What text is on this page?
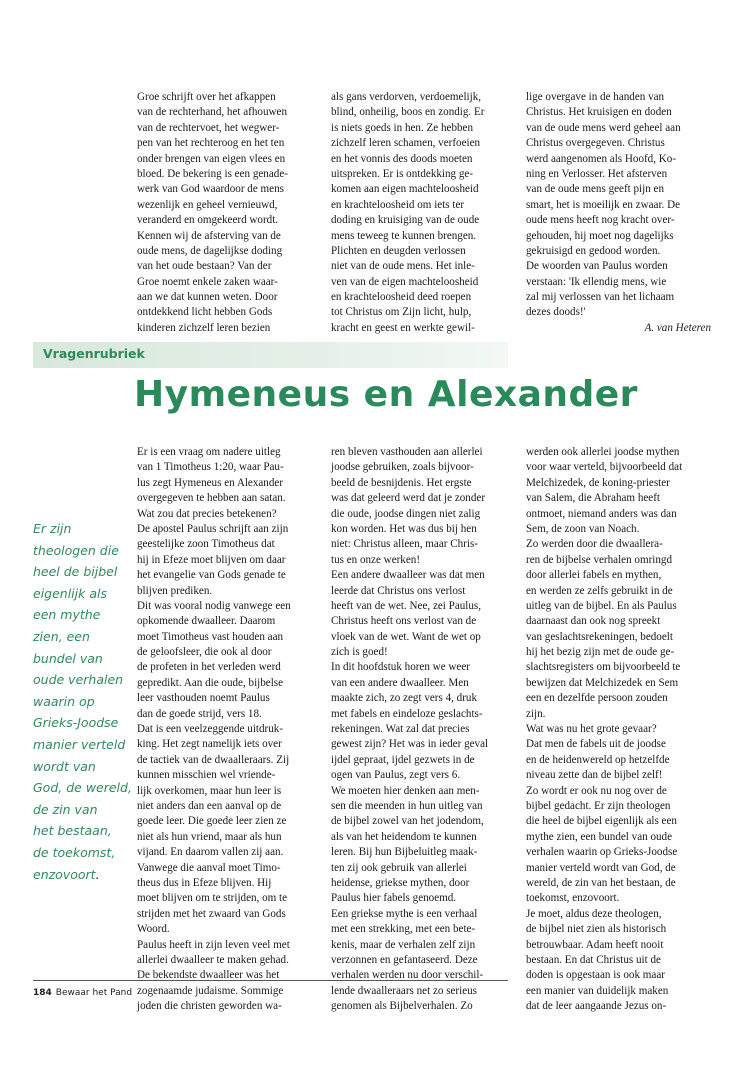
Groe schrijft over het afkappen
van de rechterhand, het afhouwen
van de rechtervoet, het wegwer-
pen van het rechteroog en het ten
onder brengen van eigen vlees en
bloed. De bekering is een genade-
werk van God waardoor de mens
wezenlijk en geheel vernieuwd,
veranderd en omgekeerd wordt.
Kennen wij de afsterving van de
oude mens, de dagelijkse doding
van het oude bestaan? Van der
Groe noemt enkele zaken waar-
aan we dat kunnen weten. Door
ontdekkend licht hebben Gods
kinderen zichzelf leren bezien
als gans verdorven, verdoemelijk,
blind, onheilig, boos en zondig. Er
is niets goeds in hen. Ze hebben
zichzelf leren schamen, verfoeien
en het vonnis des doods moeten
uitspreken. Er is ontdekking ge-
komen aan eigen machteloosheid
en krachteloosheid om iets ter
doding en kruisiging van de oude
mens teweeg te kunnen brengen.
Plichten en deugden verlossen
niet van de oude mens. Het inle-
ven van de eigen machteloosheid
en krachteloosheid deed roepen
tot Christus om Zijn licht, hulp,
kracht en geest en werkte gewil-
lige overgave in de handen van
Christus. Het kruisigen en doden
van de oude mens werd geheel aan
Christus overgegeven. Christus
werd aangenomen als Hoofd, Ko-
ning en Verlosser. Het afsterven
van de oude mens geeft pijn en
smart, het is moeilijk en zwaar. De
oude mens heeft nog kracht over-
gehouden, hij moet nog dagelijks
gekruisigd en gedood worden.
De woorden van Paulus worden
verstaan: 'Ik ellendig mens, wie
zal mij verlossen van het lichaam
dezes doods!'
A. van Heteren
Vragenrubriek
Hymeneus en Alexander
Er zijn
theologen die
heel de bijbel
eigenlijk als
een mythe
zien, een
bundel van
oude verhalen
waarin op
Grieks-Joodse
manier verteld
wordt van
God, de wereld,
de zin van
het bestaan,
de toekomst,
enzovoort.
Er is een vraag om nadere uitleg
van 1 Timotheus 1:20, waar Pau-
lus zegt Hymeneus en Alexander
overgegeven te hebben aan satan.
Wat zou dat precies betekenen?
De apostel Paulus schrijft aan zijn
geestelijke zoon Timotheus dat
hij in Efeze moet blijven om daar
het evangelie van Gods genade te
blijven prediken.
Dit was vooral nodig vanwege een
opkomende dwaalleer. Daarom
moet Timotheus vast houden aan
de geloofsleer, die ook al door
de profeten in het verleden werd
gepredikt. Aan die oude, bijbelse
leer vasthouden noemt Paulus
dan de goede strijd, vers 18.
Dat is een veelzeggende uitdruk-
king. Het zegt namelijk iets over
de tactiek van de dwaalleraars. Zij
kunnen misschien wel vriende-
lijk overkomen, maar hun leer is
niet anders dan een aanval op de
goede leer. Die goede leer zien ze
niet als hun vriend, maar als hun
vijand. En daarom vallen zij aan.
Vanwege die aanval moet Timo-
theus dus in Efeze blijven. Hij
moet blijven om te strijden, om te
strijden met het zwaard van Gods
Woord.
Paulus heeft in zijn leven veel met
allerlei dwaalleer te maken gehad.
De bekendste dwaalleer was het
zogenaamde judaisme. Sommige
joden die christen geworden wa-
ren bleven vasthouden aan allerlei
joodse gebruiken, zoals bijvoor-
beeld de besnijdenis. Het ergste
was dat geleerd werd dat je zonder
die oude, joodse dingen niet zalig
kon worden. Het was dus bij hen
niet: Christus alleen, maar Chris-
tus en onze werken!
Een andere dwaalleer was dat men
leerde dat Christus ons verlost
heeft van de wet. Nee, zei Paulus,
Christus heeft ons verlost van de
vloek van de wet. Want de wet op
zich is goed!
In dit hoofdstuk horen we weer
van een andere dwaalleer. Men
maakte zich, zo zegt vers 4, druk
met fabels en eindeloze geslachts-
rekeningen. Wat zal dat precies
gewest zijn? Het was in ieder geval
ijdel gepraat, ijdel gezwets in de
ogen van Paulus, zegt vers 6.
We moeten hier denken aan men-
sen die meenden in hun uitleg van
de bijbel zowel van het jodendom,
als van het heidendom te kunnen
leren. Bij hun Bijbeluitleg maak-
ten zij ook gebruik van allerlei
heidense, griekse mythen, door
Paulus hier fabels genoemd.
Een griekse mythe is een verhaal
met een strekking, met een bete-
kenis, maar de verhalen zelf zijn
verzonnen en gefantaseerd. Deze
verhalen werden nu door verschil-
lende dwaalleraars net zo serieus
genomen als Bijbelverhalen. Zo
werden ook allerlei joodse mythen
voor waar verteld, bijvoorbeeld dat
Melchizedek, de koning-priester
van Salem, die Abraham heeft
ontmoet, niemand anders was dan
Sem, de zoon van Noach.
Zo werden door die dwaallera-
ren de bijbelse verhalen omringd
door allerlei fabels en mythen,
en werden ze zelfs gebruikt in de
uitleg van de bijbel. En als Paulus
daarnaast dan ook nog spreekt
van geslachtsrekeningen, bedoelt
hij het bezig zijn met de oude ge-
slachtsregisters om bijvoorbeeld te
bewijzen dat Melchizedek en Sem
een en dezelfde persoon zouden
zijn.
Wat was nu het grote gevaar?
Dat men de fabels uit de joodse
en de heidenwereld op hetzelfde
niveau zette dan de bijbel zelf!
Zo wordt er ook nu nog over de
bijbel gedacht. Er zijn theologen
die heel de bijbel eigenlijk als een
mythe zien, een bundel van oude
verhalen waarin op Grieks-Joodse
manier verteld wordt van God, de
wereld, de zin van het bestaan, de
toekomst, enzovoort.
Je moet, aldus deze theologen,
de bijbel niet zien als historisch
betrouwbaar. Adam heeft nooit
bestaan. En dat Christus uit de
doden is opgestaan is ook maar
een manier van duidelijk maken
dat de leer aangaande Jezus on-
184 Bewaar het Pand
